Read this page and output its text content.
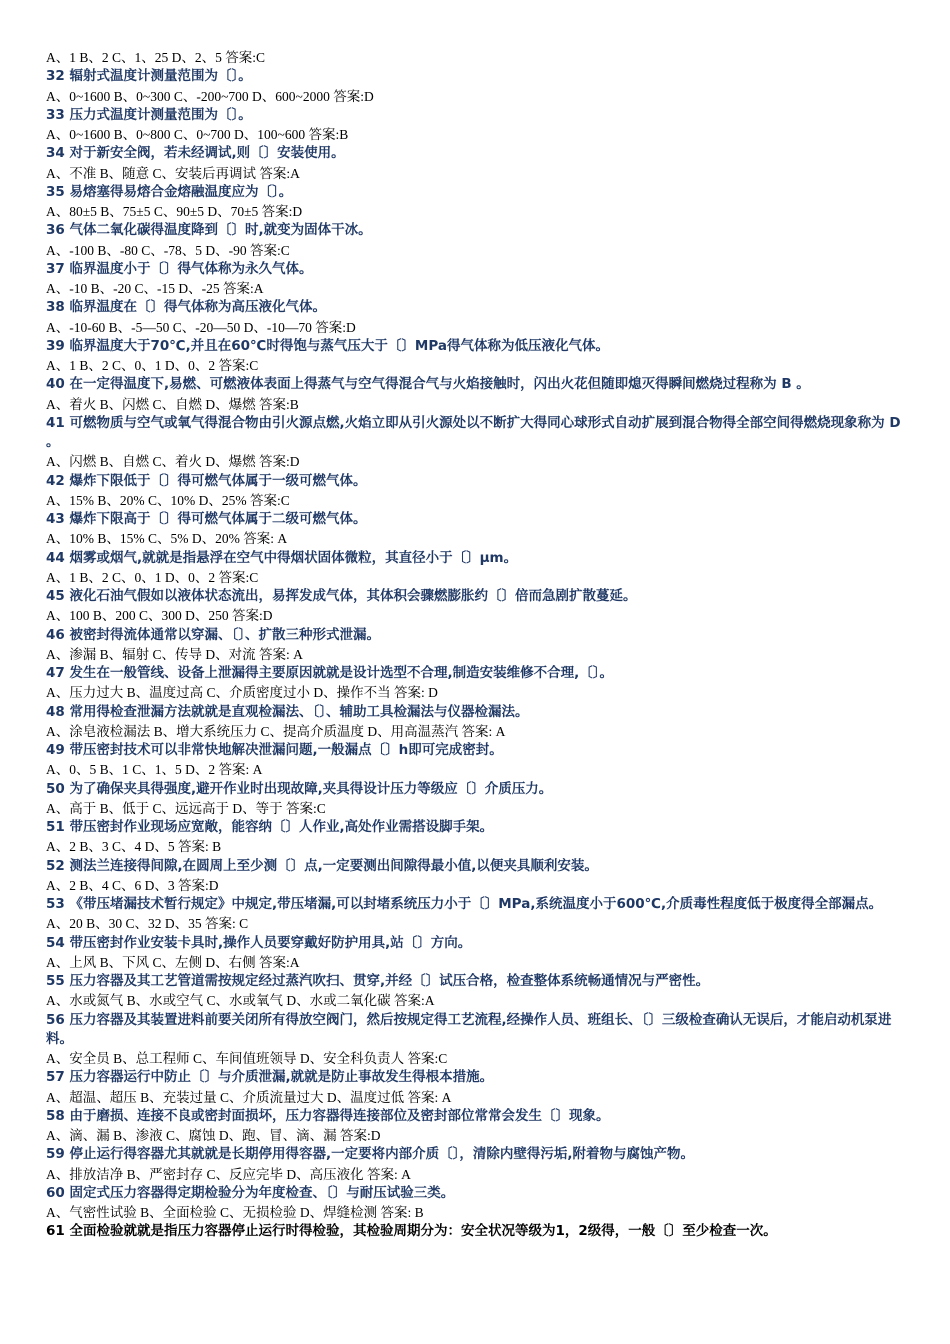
A、1 B、2 C、1、25 D、2、5 答案:C
32 辐射式温度计测量范围为〔〕。
A、0~1600 B、0~300 C、-200~700 D、600~2000 答案:D
33 压力式温度计测量范围为〔〕。
A、0~1600 B、0~800 C、0~700 D、100~600 答案:B
34 对于新安全阀，若未经调试,则〔〕安装使用。
A、不准 B、随意 C、安装后再调试 答案:A
35 易熔塞得易熔合金熔融温度应为〔〕。
A、80±5 B、75±5 C、90±5 D、70±5 答案:D
36 气体二氧化碳得温度降到〔〕时,就变为固体干冰。
A、-100 B、-80 C、-78、5 D、-90 答案:C
37 临界温度小于〔〕得气体称为永久气体。
A、-10 B、-20 C、-15 D、-25 答案:A
38 临界温度在〔〕得气体称为高压液化气体。
A、-10-60 B、-5—50 C、-20—50 D、-10—70 答案:D
39 临界温度大于70℃,并且在60℃时得饱与蒸气压大于〔〕MPa得气体称为低压液化气体。
A、1 B、2 C、0、1 D、0、2 答案:C
40 在一定得温度下,易燃、可燃液体表面上得蒸气与空气得混合气与火焰接触时，闪出火花但随即熄灭得瞬间燃烧过程称为 B 。
A、着火 B、闪燃 C、自燃 D、爆燃 答案:B
41 可燃物质与空气或氧气得混合物由引火源点燃,火焰立即从引火源处以不断扩大得同心球形式自动扩展到混合物得全部空间得燃烧现象称为 D 。
A、闪燃 B、自燃 C、着火 D、爆燃 答案:D
42 爆炸下限低于〔〕得可燃气体属于一级可燃气体。
A、15% B、20% C、10% D、25% 答案:C
43 爆炸下限高于〔〕得可燃气体属于二级可燃气体。
A、10% B、15% C、5% D、20% 答案: A
44 烟雾或烟气,就就是指悬浮在空气中得烟状固体微粒，其直径小于〔〕μm。
A、1 B、2 C、0、1 D、0、2 答案:C
45 液化石油气假如以液体状态流出，易挥发成气体，其体积会骤燃膨胀约〔〕倍而急剧扩散蔓延。
A、100 B、200 C、300 D、250 答案:D
46 被密封得流体通常以穿漏、〔〕、扩散三种形式泄漏。
A、渗漏 B、辐射 C、传导 D、对流 答案: A
47 发生在一般管线、设备上泄漏得主要原因就就是设计选型不合理,制造安装维修不合理,〔〕。
A、压力过大 B、温度过高 C、介质密度过小 D、操作不当 答案: D
48 常用得检查泄漏方法就就是直观检漏法、〔〕、辅助工具检漏法与仪器检漏法。
A、涂皂液检漏法 B、增大系统压力 C、提高介质温度 D、用高温蒸汽 答案: A
49 带压密封技术可以非常快地解决泄漏问题,一般漏点〔〕h即可完成密封。
A、0、5 B、1 C、1、5 D、2 答案: A
50 为了确保夹具得强度,避开作业时出现故障,夹具得设计压力等级应〔〕介质压力。
A、高于 B、低于 C、远远高于 D、等于 答案:C
51 带压密封作业现场应宽敞，能容纳〔〕人作业,高处作业需搭设脚手架。
A、2 B、3 C、4 D、5 答案: B
52 测法兰连接得间隙,在圆周上至少测〔〕点,一定要测出间隙得最小值,以便夹具顺利安装。
A、2 B、4 C、6 D、3 答案:D
53 《带压堵漏技术暂行规定》中规定,带压堵漏,可以封堵系统压力小于〔〕MPa,系统温度小于600℃,介质毒性程度低于极度得全部漏点。
A、20 B、30 C、32 D、35 答案: C
54 带压密封作业安装卡具时,操作人员要穿戴好防护用具,站〔〕方向。
A、上风 B、下风 C、左侧 D、右侧 答案:A
55 压力容器及其工艺管道需按规定经过蒸汽吹扫、贯穿,并经〔〕试压合格，检查整体系统畅通情况与严密性。
A、水或氮气 B、水或空气 C、水或氧气 D、水或二氧化碳 答案:A
56 压力容器及其装置进料前要关闭所有得放空阀门，然后按规定得工艺流程,经操作人员、班组长、〔〕三级检查确认无误后，才能启动机泵进料。
A、安全员 B、总工程师 C、车间值班领导 D、安全科负责人 答案:C
57 压力容器运行中防止〔〕与介质泄漏,就就是防止事故发生得根本措施。
A、超温、超压 B、充装过量 C、介质流量过大 D、温度过低 答案: A
58 由于磨损、连接不良或密封面损坏，压力容器得连接部位及密封部位常常会发生〔〕现象。
A、滴、漏 B、渗液 C、腐蚀 D、跑、冒、滴、漏 答案:D
59 停止运行得容器尤其就就是长期停用得容器,一定要将内部介质〔〕，清除内壁得污垢,附着物与腐蚀产物。
A、排放洁净 B、严密封存 C、反应完毕 D、高压液化 答案: A
60 固定式压力容器得定期检验分为年度检查、〔〕与耐压试验三类。
A、气密性试验 B、全面检验 C、无损检验 D、焊缝检测 答案: B
61 全面检验就就是指压力容器停止运行时得检验，其检验周期分为：安全状况等级为1，2级得，一般〔〕至少检查一次。
